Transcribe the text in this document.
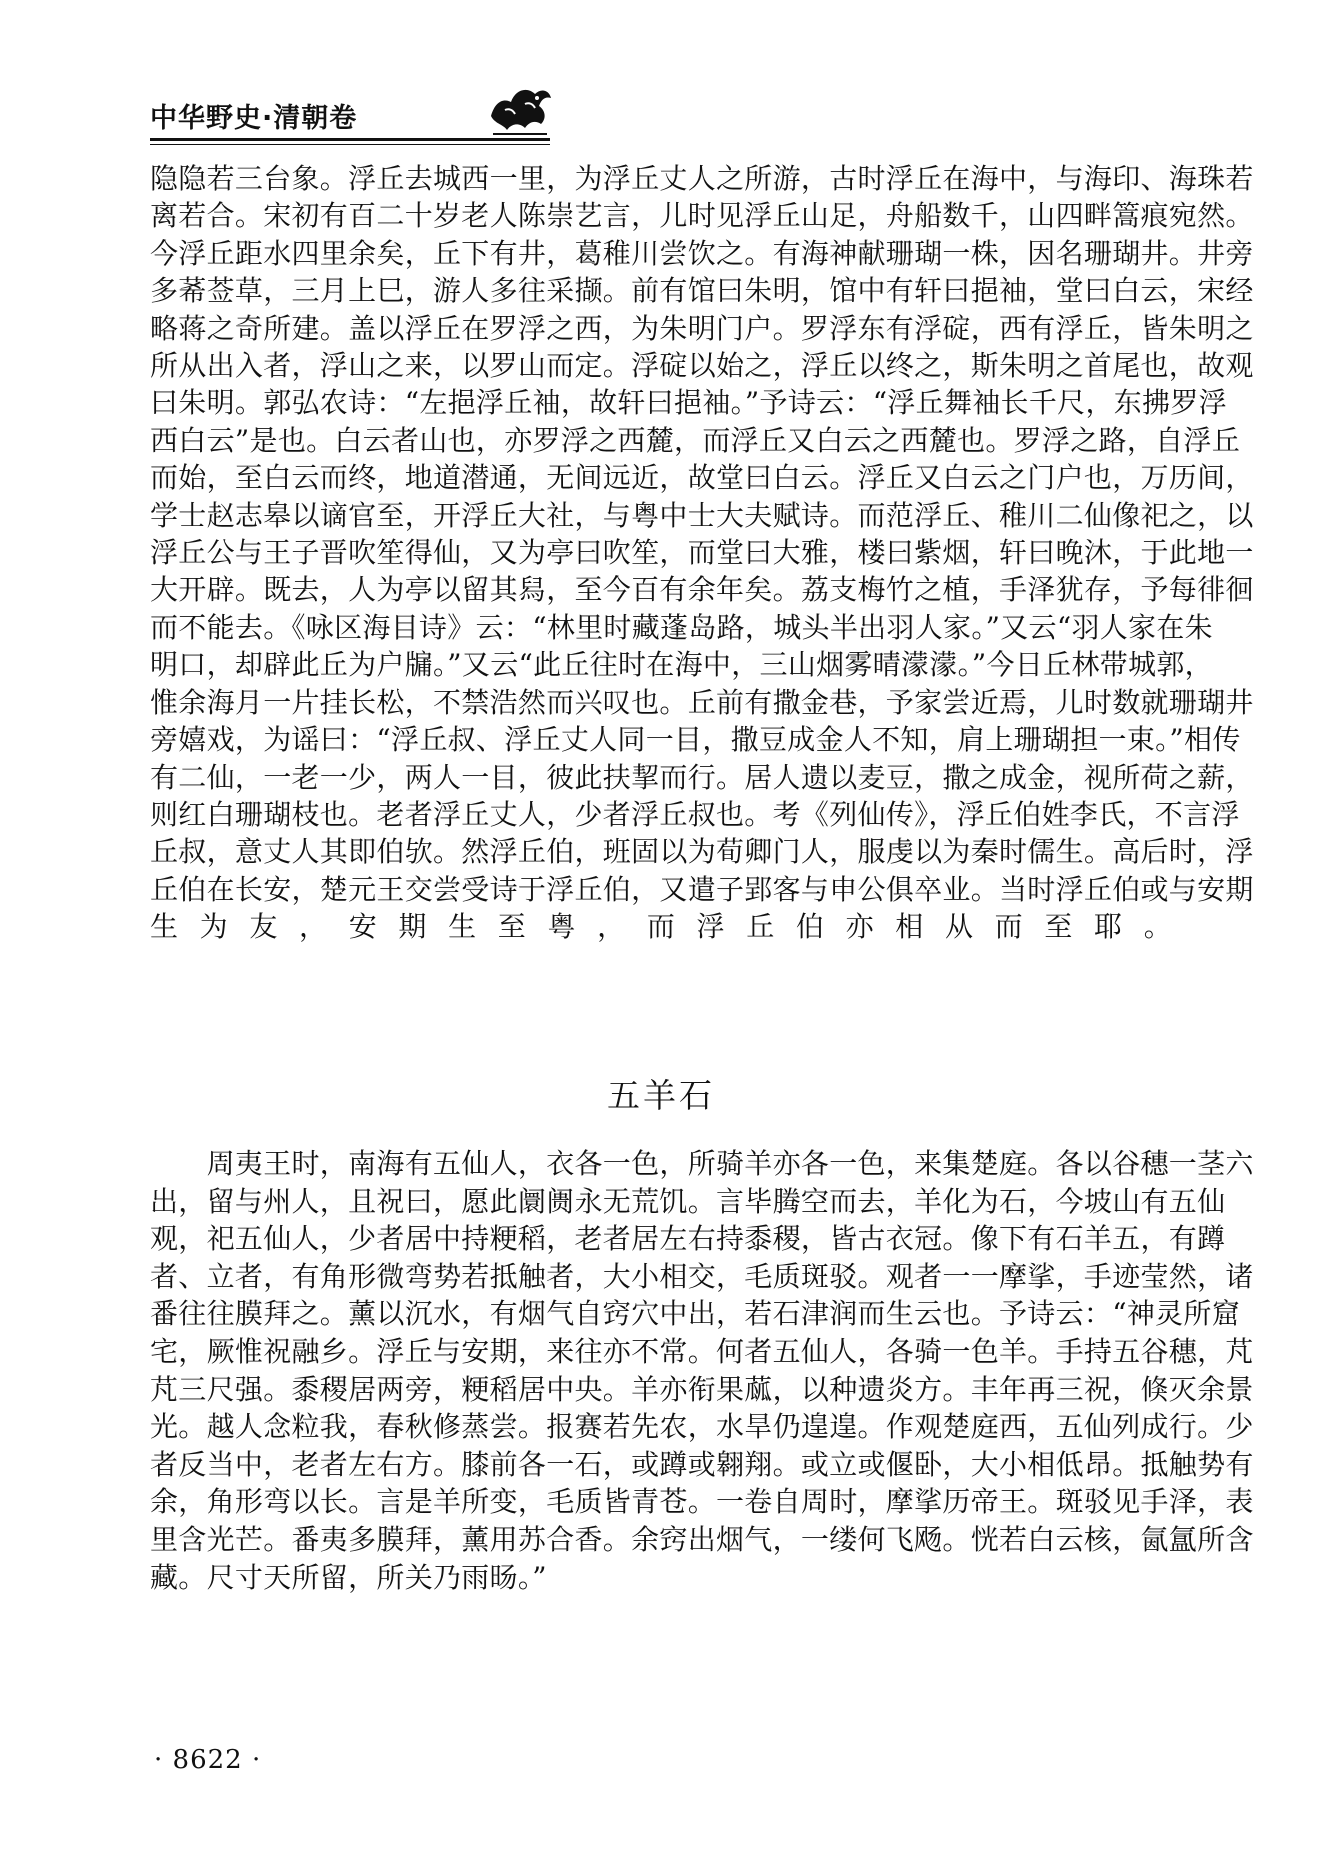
中华野史·清朝卷
隐隐若三台象。浮丘去城西一里，为浮丘丈人之所游，古时浮丘在海中，与海印、海珠若
离若合。宋初有百二十岁老人陈崇艺言，儿时见浮丘山足，舟船数千，山四畔篙痕宛然。
今浮丘距水四里余矣，丘下有井，葛稚川尝饮之。有海神献珊瑚一株，因名珊瑚井。井旁
多莃莶草，三月上巳，游人多往采撷。前有馆曰朱明，馆中有轩曰挹袖，堂曰白云，宋经
略蒋之奇所建。盖以浮丘在罗浮之西，为朱明门户。罗浮东有浮碇，西有浮丘，皆朱明之
所从出入者，浮山之来，以罗山而定。浮碇以始之，浮丘以终之，斯朱明之首尾也，故观
曰朱明。郭弘农诗：“左挹浮丘袖，故轩曰挹袖。”予诗云：“浮丘舞袖长千尺，东拂罗浮
西白云”是也。白云者山也，亦罗浮之西麓，而浮丘又白云之西麓也。罗浮之路，自浮丘
而始，至白云而终，地道潜通，无间远近，故堂曰白云。浮丘又白云之门户也，万历间，
学士赵志皋以谪官至，开浮丘大社，与粤中士大夫赋诗。而范浮丘、稚川二仙像祀之，以
浮丘公与王子晋吹笙得仙，又为亭曰吹笙，而堂曰大雅，楼曰紫烟，轩曰晚沐，于此地一
大开辟。既去，人为亭以留其舄，至今百有余年矣。荔支梅竹之植，手泽犹存，予每徘徊
而不能去。《咏区海目诗》云：“林里时藏蓬岛路，城头半出羽人家。”又云“羽人家在朱
明口，却辟此丘为户牖。”又云“此丘往时在海中，三山烟雾晴濛濛。”今日丘林带城郭，
惟余海月一片挂长松，不禁浩然而兴叹也。丘前有撒金巷，予家尝近焉，儿时数就珊瑚井
旁嬉戏，为谣曰：“浮丘叔、浮丘丈人同一目，撒豆成金人不知，肩上珊瑚担一束。”相传
有二仙，一老一少，两人一目，彼此扶挈而行。居人遗以麦豆，撒之成金，视所荷之薪，
则红白珊瑚枝也。老者浮丘丈人，少者浮丘叔也。考《列仙传》，浮丘伯姓李氏，不言浮
丘叔，意丈人其即伯欤。然浮丘伯，班固以为荀卿门人，服虔以为秦时儒生。高后时，浮
丘伯在长安，楚元王交尝受诗于浮丘伯，又遣子郢客与申公俱卒业。当时浮丘伯或与安期
生为友，安期生至粤，而浮丘伯亦相从而至耶。
五羊石
　　周夷王时，南海有五仙人，衣各一色，所骑羊亦各一色，来集楚庭。各以谷穗一茎六
出，留与州人，且祝曰，愿此阛阓永无荒饥。言毕腾空而去，羊化为石，今坡山有五仙
观，祀五仙人，少者居中持粳稻，老者居左右持黍稷，皆古衣冠。像下有石羊五，有蹲
者、立者，有角形微弯势若抵触者，大小相交，毛质斑驳。观者一一摩挲，手迹莹然，诸
番往往膜拜之。薰以沉水，有烟气自窍穴中出，若石津润而生云也。予诗云：“神灵所窟
宅，厥惟祝融乡。浮丘与安期，来往亦不常。何者五仙人，各骑一色羊。手持五谷穗，芃
芃三尺强。黍稷居两旁，粳稻居中央。羊亦衔果蓏，以种遗炎方。丰年再三祝，倏灭余景
光。越人念粒我，春秋修蒸尝。报赛若先农，水旱仍遑遑。作观楚庭西，五仙列成行。少
者反当中，老者左右方。膝前各一石，或蹲或翱翔。或立或偃卧，大小相低昂。抵触势有
余，角形弯以长。言是羊所变，毛质皆青苍。一卷自周时，摩挲历帝王。斑驳见手泽，表
里含光芒。番夷多膜拜，薰用苏合香。余窍出烟气，一缕何飞飏。恍若白云核，氤氲所含
藏。尺寸天所留，所关乃雨旸。”
· 8622 ·
